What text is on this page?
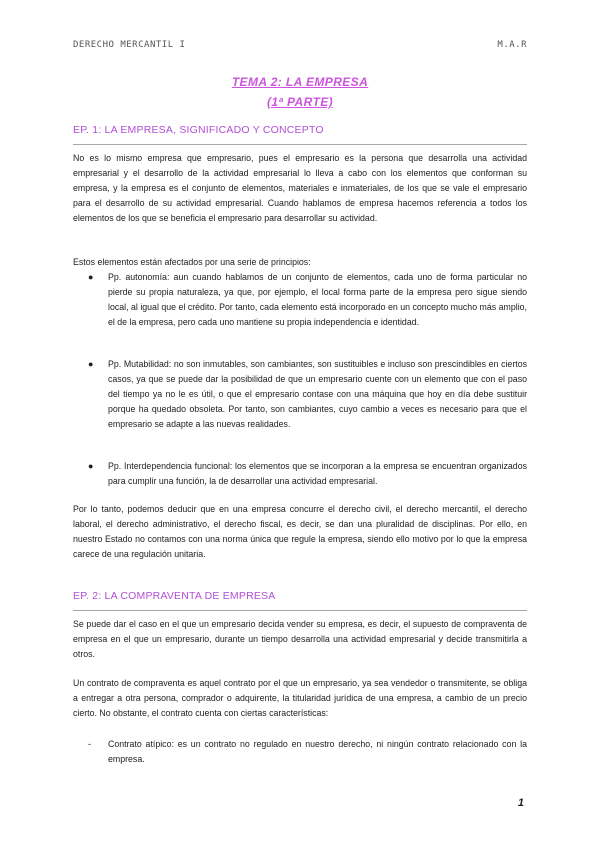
DERECHO MERCANTIL I	M.A.R
TEMA 2: LA EMPRESA
(1ª PARTE)
EP. 1: LA EMPRESA, SIGNIFICADO Y CONCEPTO

No es lo mismo empresa que empresario, pues el empresario es la persona que desarrolla una actividad empresarial y el desarrollo de la actividad empresarial lo lleva a cabo con los elementos que conforman su empresa, y la empresa es el conjunto de elementos, materiales e inmateriales, de los que se vale el empresario para el desarrollo de su actividad empresarial. Cuando hablamos de empresa hacemos referencia a todos los elementos de los que se beneficia el empresario para desarrollar su actividad.

Estos elementos están afectados por una serie de principios:

● Pp. autonomía: aun cuando hablamos de un conjunto de elementos, cada uno de forma particular no pierde su propia naturaleza, ya que, por ejemplo, el local forma parte de la empresa pero sigue siendo local, al igual que el crédito. Por tanto, cada elemento está incorporado en un concepto mucho más amplio, el de la empresa, pero cada uno mantiene su propia independencia e identidad.
● Pp. Mutabilidad: no son inmutables, son cambiantes, son sustituibles e incluso son prescindibles en ciertos casos, ya que se puede dar la posibilidad de que un empresario cuente con un elemento que con el paso del tiempo ya no le es útil, o que el empresario contase con una máquina que hoy en día debe sustituir porque ha quedado obsoleta. Por tanto, son cambiantes, cuyo cambio a veces es necesario para que el empresario se adapte a las nuevas realidades.
● Pp. Interdependencia funcional: los elementos que se incorporan a la empresa se encuentran organizados para cumplir una función, la de desarrollar una actividad empresarial.

Por lo tanto, podemos deducir que en una empresa concurre el derecho civil, el derecho mercantil, el derecho laboral, el derecho administrativo, el derecho fiscal, es decir, se dan una pluralidad de disciplinas. Por ello, en nuestro Estado no contamos con una norma única que regule la empresa, siendo ello motivo por lo que la empresa carece de una regulación unitaria.

EP. 2: LA COMPRAVENTA DE EMPRESA

Se puede dar el caso en el que un empresario decida vender su empresa, es decir, el supuesto de compraventa de empresa en el que un empresario, durante un tiempo desarrolla una actividad empresarial y decide transmitirla a otros.

Un contrato de compraventa es aquel contrato por el que un empresario, ya sea vendedor o transmitente, se obliga a entregar a otra persona, comprador o adquirente, la titularidad jurídica de una empresa, a cambio de un precio cierto. No obstante, el contrato cuenta con ciertas características:

- Contrato atípico: es un contrato no regulado en nuestro derecho, ni ningún contrato relacionado con la empresa.
1
